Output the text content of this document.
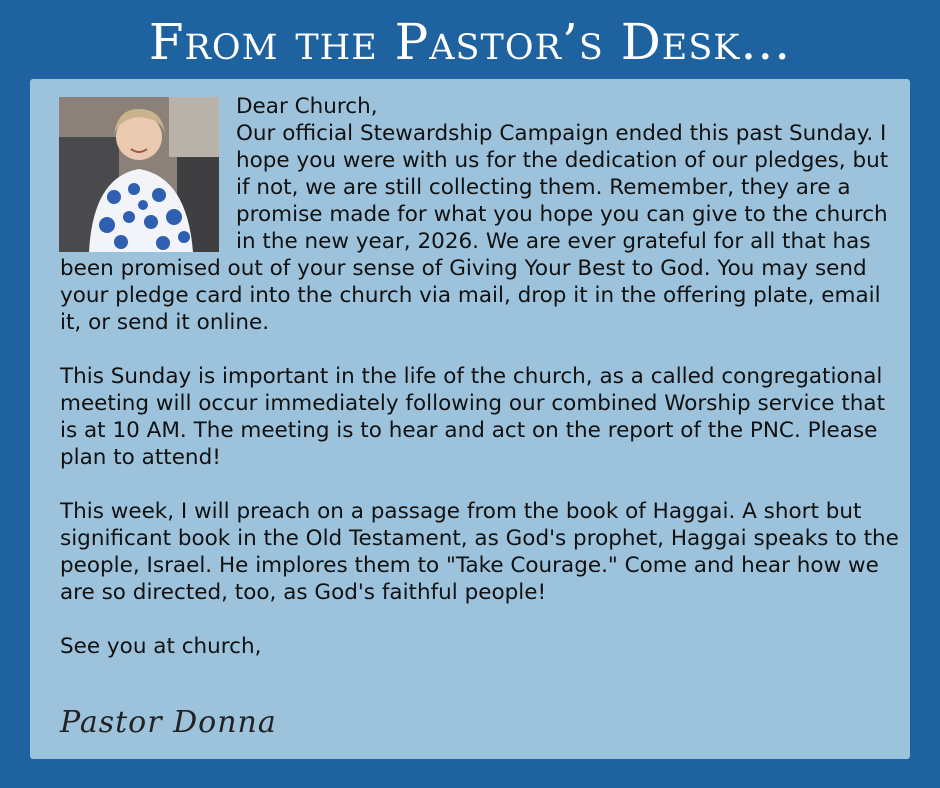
From the Pastor’s Desk...

Dear Church,

Our official Stewardship Campaign ended this past Sunday. I hope you were with us for the dedication of our pledges, but if not, we are still collecting them. Remember, they are a promise made for what you hope you can give to the church in the new year, 2026. We are ever grateful for all that has been promised out of your sense of Giving Your Best to God. You may send your pledge card into the church via mail, drop it in the offering plate, email it, or send it online.

This Sunday is important in the life of the church, as a called congregational meeting will occur immediately following our combined Worship service that is at 10 AM. The meeting is to hear and act on the report of the PNC. Please plan to attend!

This week, I will preach on a passage from the book of Haggai. A short but significant book in the Old Testament, as God's prophet, Haggai speaks to the people, Israel. He implores them to "Take Courage." Come and hear how we are so directed, too, as God's faithful people!

See you at church,

Pastor Donna
